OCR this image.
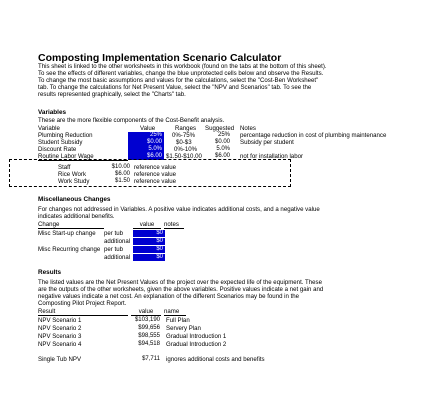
Composting Implementation Scenario Calculator
This sheet is linked to the other worksheets in this workbook (found on the tabs at the bottom of this sheet).
To see the effects of different variables, change the blue unprotected cells below and observe the Results.
To change the most basic assumptions and values for the calculations, select the "Cost-Ben Worksheet"
tab. To change the calculations for Net Present Value, select the "NPV and Scenarios" tab. To see the
results represented graphically, select the "Charts" tab.
Variables
These are the more flexible components of the Cost-Benefit analysis.
Variable	Value	Ranges Suggested Notes
Plumbing Reduction	25%	0%-75%	25%	percentage reduction in cost of plumbing maintenance
Student Subsidy	$0.00	$0-$3	$0.00	Subsidy per student
Discount Rate	5.0%	0%-10%	5.0%
Routine Labor Wage	$6.00 $1.50-$10.00	$6.00	not for installation labor
Staff	$10.00 reference value
Rice Work	$6.00 reference value
Work Study	$1.50 reference value
Miscellaneous Changes
For changes not addressed in Variables. A positive value indicates additional costs, and a negative value
indicates additional benefits.
Change	value	notes
Misc Start-up change per tub	$0
additional	$0
Misc Recurring change per tub	$0
additional	$0
Results
The listed values are the Net Present Values of the project over the expected life of the equipment. These
are the outputs of the other worksheets, given the above variables. Positive values indicate a net gain and
negative values indicate a net cost. An explanation of the different Scenarios may be found in the
Composting Pilot Project Report.
Result	value	name
NPV Scenario 1	$103,190 Full Plan
NPV Scenario 2	$99,656 Servery Plan
NPV Scenario 3	$98,555 Gradual Introduction 1
NPV Scenario 4	$94,518 Gradual Introduction 2
Single Tub NPV	$7,711 ignores additional costs and benefits
